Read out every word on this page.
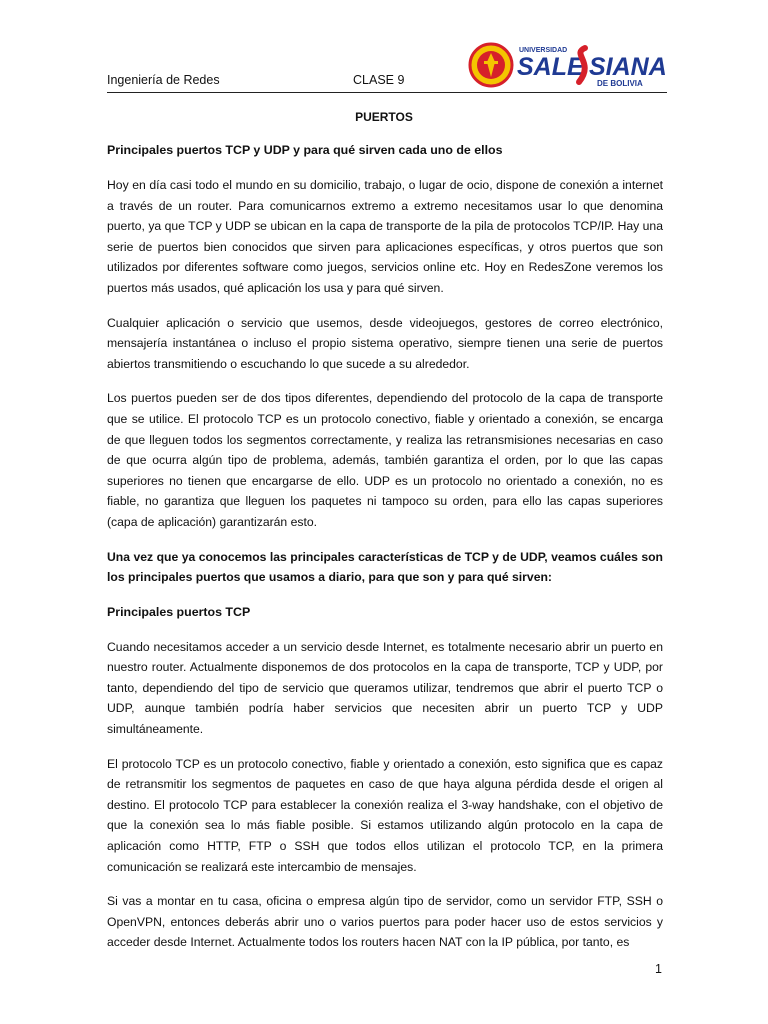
Ingeniería de Redes	CLASE 9
UNIVERSIDAD
SALE SIANA
DE BOLIVIA
PUERTOS
Principales puertos TCP y UDP y para qué sirven cada uno de ellos

Hoy en día casi todo el mundo en su domicilio, trabajo, o lugar de ocio, dispone de conexión a internet a través de un router. Para comunicarnos extremo a extremo necesitamos usar lo que denomina puerto, ya que TCP y UDP se ubican en la capa de transporte de la pila de protocolos TCP/IP. Hay una serie de puertos bien conocidos que sirven para aplicaciones específicas, y otros puertos que son utilizados por diferentes software como juegos, servicios online etc. Hoy en RedesZone veremos los puertos más usados, qué aplicación los usa y para qué sirven.

Cualquier aplicación o servicio que usemos, desde videojuegos, gestores de correo electrónico, mensajería instantánea o incluso el propio sistema operativo, siempre tienen una serie de puertos abiertos transmitiendo o escuchando lo que sucede a su alrededor.

Los puertos pueden ser de dos tipos diferentes, dependiendo del protocolo de la capa de transporte que se utilice. El protocolo TCP es un protocolo conectivo, fiable y orientado a conexión, se encarga de que lleguen todos los segmentos correctamente, y realiza las retransmisiones necesarias en caso de que ocurra algún tipo de problema, además, también garantiza el orden, por lo que las capas superiores no tienen que encargarse de ello. UDP es un protocolo no orientado a conexión, no es fiable, no garantiza que lleguen los paquetes ni tampoco su orden, para ello las capas superiores (capa de aplicación) garantizarán esto.

Una vez que ya conocemos las principales características de TCP y de UDP, veamos cuáles son los principales puertos que usamos a diario, para que son y para qué sirven:

Principales puertos TCP

Cuando necesitamos acceder a un servicio desde Internet, es totalmente necesario abrir un puerto en nuestro router. Actualmente disponemos de dos protocolos en la capa de transporte, TCP y UDP, por tanto, dependiendo del tipo de servicio que queramos utilizar, tendremos que abrir el puerto TCP o UDP, aunque también podría haber servicios que necesiten abrir un puerto TCP y UDP simultáneamente.

El protocolo TCP es un protocolo conectivo, fiable y orientado a conexión, esto significa que es capaz de retransmitir los segmentos de paquetes en caso de que haya alguna pérdida desde el origen al destino. El protocolo TCP para establecer la conexión realiza el 3-way handshake, con el objetivo de que la conexión sea lo más fiable posible. Si estamos utilizando algún protocolo en la capa de aplicación como HTTP, FTP o SSH que todos ellos utilizan el protocolo TCP, en la primera comunicación se realizará este intercambio de mensajes.

Si vas a montar en tu casa, oficina o empresa algún tipo de servidor, como un servidor FTP, SSH o OpenVPN, entonces deberás abrir uno o varios puertos para poder hacer uso de estos servicios y acceder desde Internet. Actualmente todos los routers hacen NAT con la IP pública, por tanto, es

1
